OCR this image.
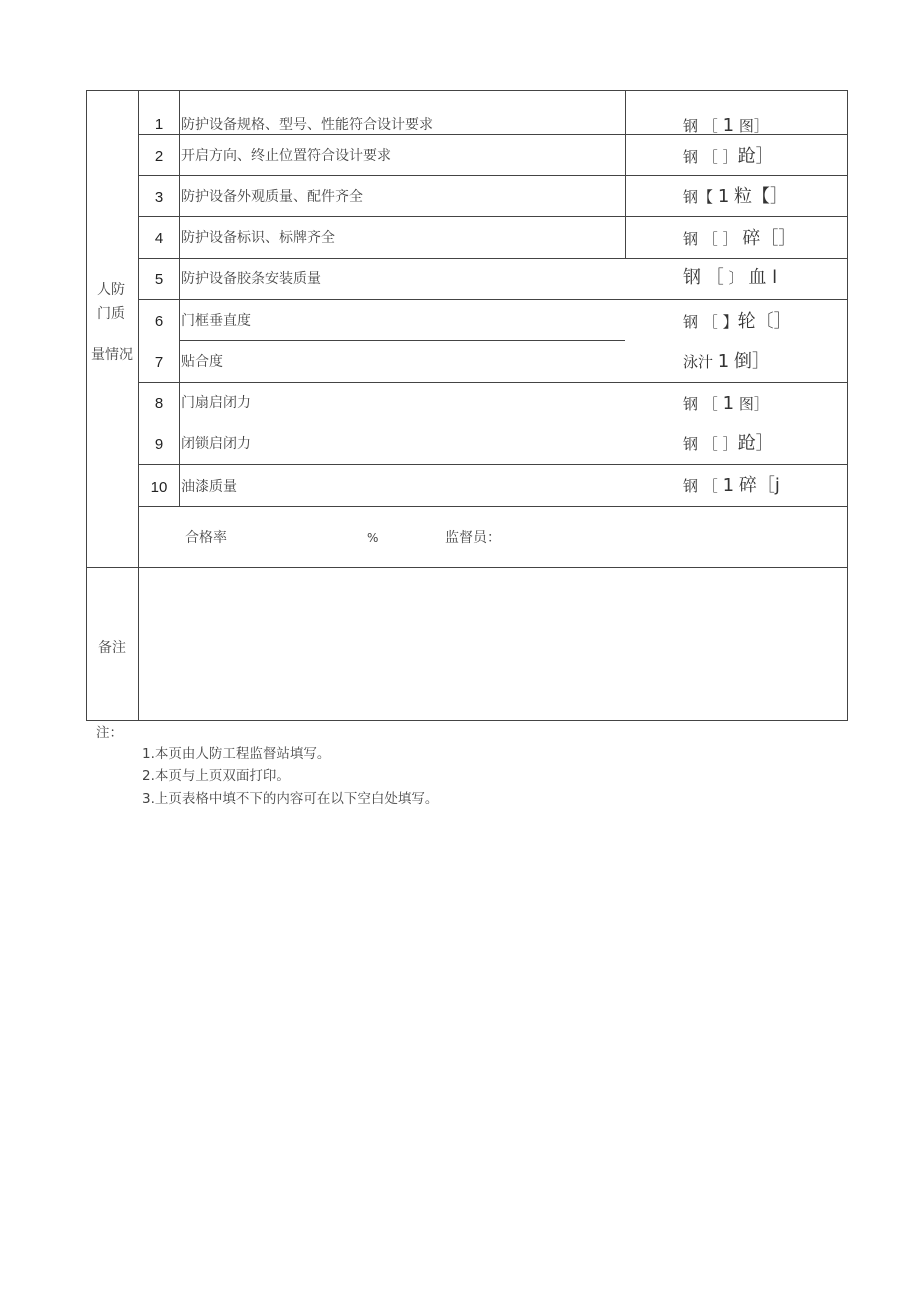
人防
门质
量情况
1	防护设备规格、型号、性能符合设计要求	钢 ［ 1 图］
2	开启方向、终止位置符合设计要求	钢 ［ ］跄］
3	防护设备外观质量、配件齐全	钢【 1 粒【］
4	防护设备标识、标牌齐全	钢 ［ ］ 碎［］
5	防护设备胶条安装质量	钢 ［ 〕 血 l
6	门框垂直度	钢 ［ 】轮〔］
7	贴合度	泳汁 1 倒］
8	门扇启闭力	钢 ［ 1 图］
9	闭锁启闭力	钢 ［ ］跄］
10 油漆质量	钢 ［ 1 碎［j
合格率	%	监督员：
备注
注：
1.本页由人防工程监督站填写。
2.本页与上页双面打印。
3.上页表格中填不下的内容可在以下空白处填写。
